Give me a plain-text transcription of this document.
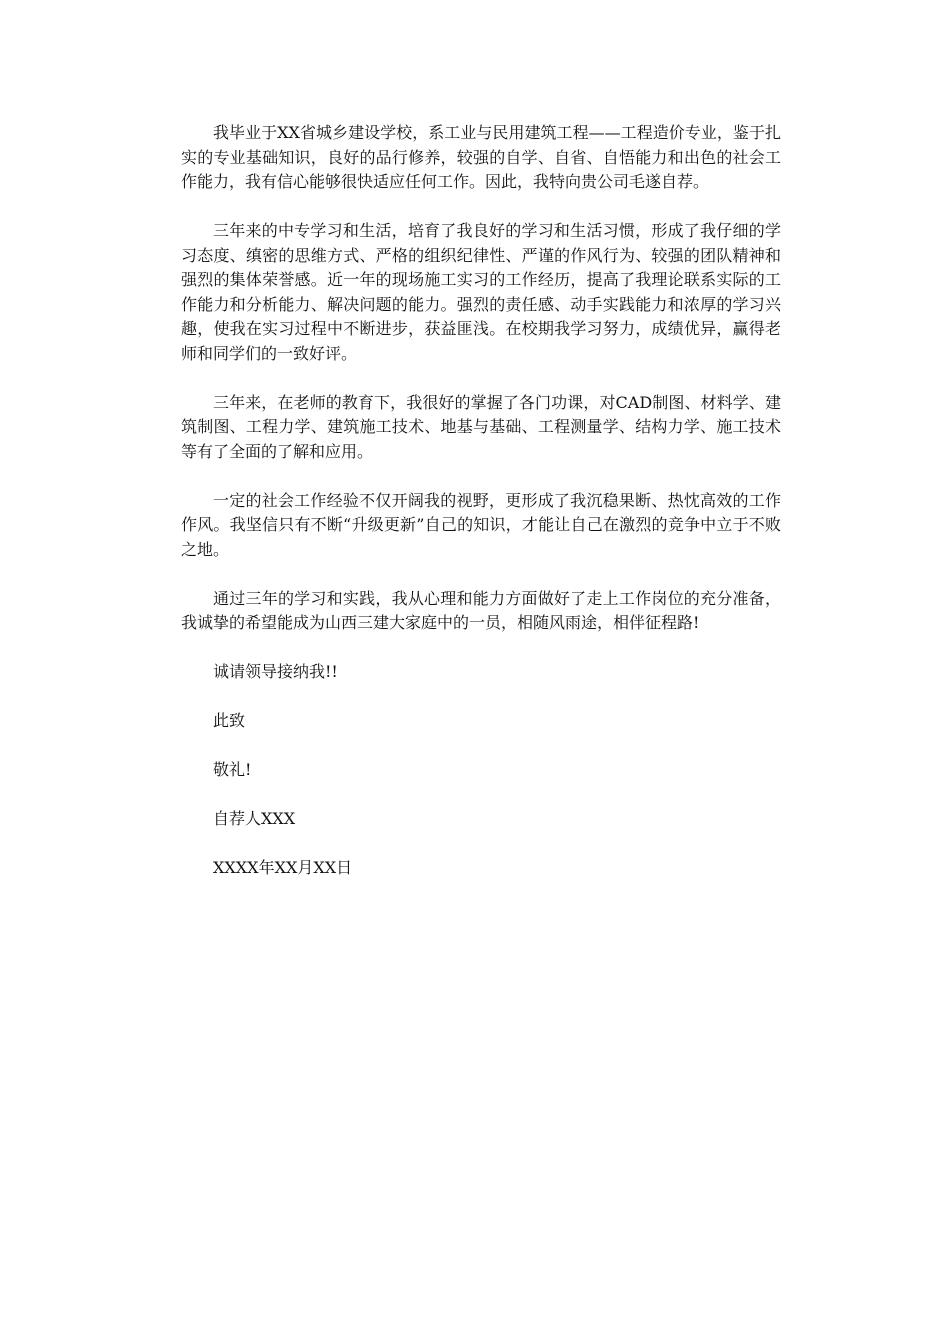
我毕业于XX省城乡建设学校，系工业与民用建筑工程——工程造价专业，鉴于扎实的专业基础知识，良好的品行修养，较强的自学、自省、自悟能力和出色的社会工作能力，我有信心能够很快适应任何工作。因此，我特向贵公司毛遂自荐。

三年来的中专学习和生活，培育了我良好的学习和生活习惯，形成了我仔细的学习态度、缜密的思维方式、严格的组织纪律性、严谨的作风行为、较强的团队精神和强烈的集体荣誉感。近一年的现场施工实习的工作经历，提高了我理论联系实际的工作能力和分析能力、解决问题的能力。强烈的责任感、动手实践能力和浓厚的学习兴趣，使我在实习过程中不断进步，获益匪浅。在校期我学习努力，成绩优异，赢得老师和同学们的一致好评。

三年来，在老师的教育下，我很好的掌握了各门功课，对CAD制图、材料学、建筑制图、工程力学、建筑施工技术、地基与基础、工程测量学、结构力学、施工技术等有了全面的了解和应用。

一定的社会工作经验不仅开阔我的视野，更形成了我沉稳果断、热忱高效的工作作风。我坚信只有不断“升级更新”自己的知识，才能让自己在激烈的竞争中立于不败之地。

通过三年的学习和实践，我从心理和能力方面做好了走上工作岗位的充分准备，我诚挚的希望能成为山西三建大家庭中的一员，相随风雨途，相伴征程路!

诚请领导接纳我!!

此致

敬礼!

自荐人XXX

XXXX年XX月XX日
